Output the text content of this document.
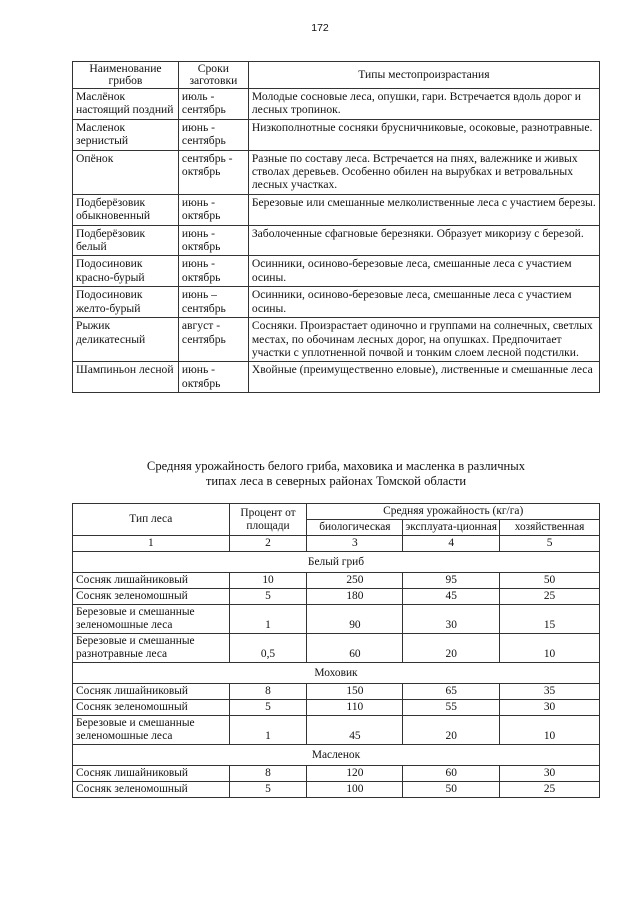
172
Наименование грибов	Сроки заготовки	Типы местопроизрастания
Маслёнок настоящий поздний	июль - сентябрь	Молодые сосновые леса, опушки, гари. Встречается вдоль дорог и лесных тропинок.
Масленок зернистый	июнь - сентябрь	Низкополнотные сосняки брусничниковые, осоковые, разнотравные.
Опёнок	сентябрь - октябрь	Разные по составу леса. Встречается на пнях, валежнике и живых стволах деревьев. Особенно обилен на вырубках и ветровальных лесных участках.
Подберёзовик обыкновенный	июнь - октябрь	Березовые или смешанные мелколиственные леса с участием березы.
Подберёзовик белый	июнь - октябрь	Заболоченные сфагновые березняки. Образует микоризу с березой.
Подосиновик красно-бурый	июнь - октябрь	Осинники, осиново-березовые леса, смешанные леса с участием осины.
Подосиновик желто-бурый	июнь – сентябрь	Осинники, осиново-березовые леса, смешанные леса с участием осины.
Рыжик деликатесный	август - сентябрь	Сосняки. Произрастает одиночно и группами на солнечных, светлых местах, по обочинам лесных дорог, на опушках. Предпочитает участки с уплотненной почвой и тонким слоем лесной подстилки.
Шампиньон лесной	июнь - октябрь	Хвойные (преимущественно еловые), лиственные и смешанные леса
Средняя урожайность белого гриба, маховика и масленка в различных
типах леса в северных районах Томской области
Тип леса	Процент от площади	Средняя урожайность (кг/га)		
		биологическая	эксплуата-ционная	хозяйственная
1	2	3	4	5
Белый гриб				
Сосняк лишайниковый	10	250	95	50
Сосняк зеленомошный	5	180	45	25
Березовые и смешанные зеленомошные леса	1	90	30	15
Березовые и смешанные разнотравные леса	0,5	60	20	10
Моховик				
Сосняк лишайниковый	8	150	65	35
Сосняк зеленомошный	5	110	55	30
Березовые и смешанные зеленомошные леса	1	45	20	10
Масленок				
Сосняк лишайниковый	8	120	60	30
Сосняк зеленомошный	5	100	50	25
